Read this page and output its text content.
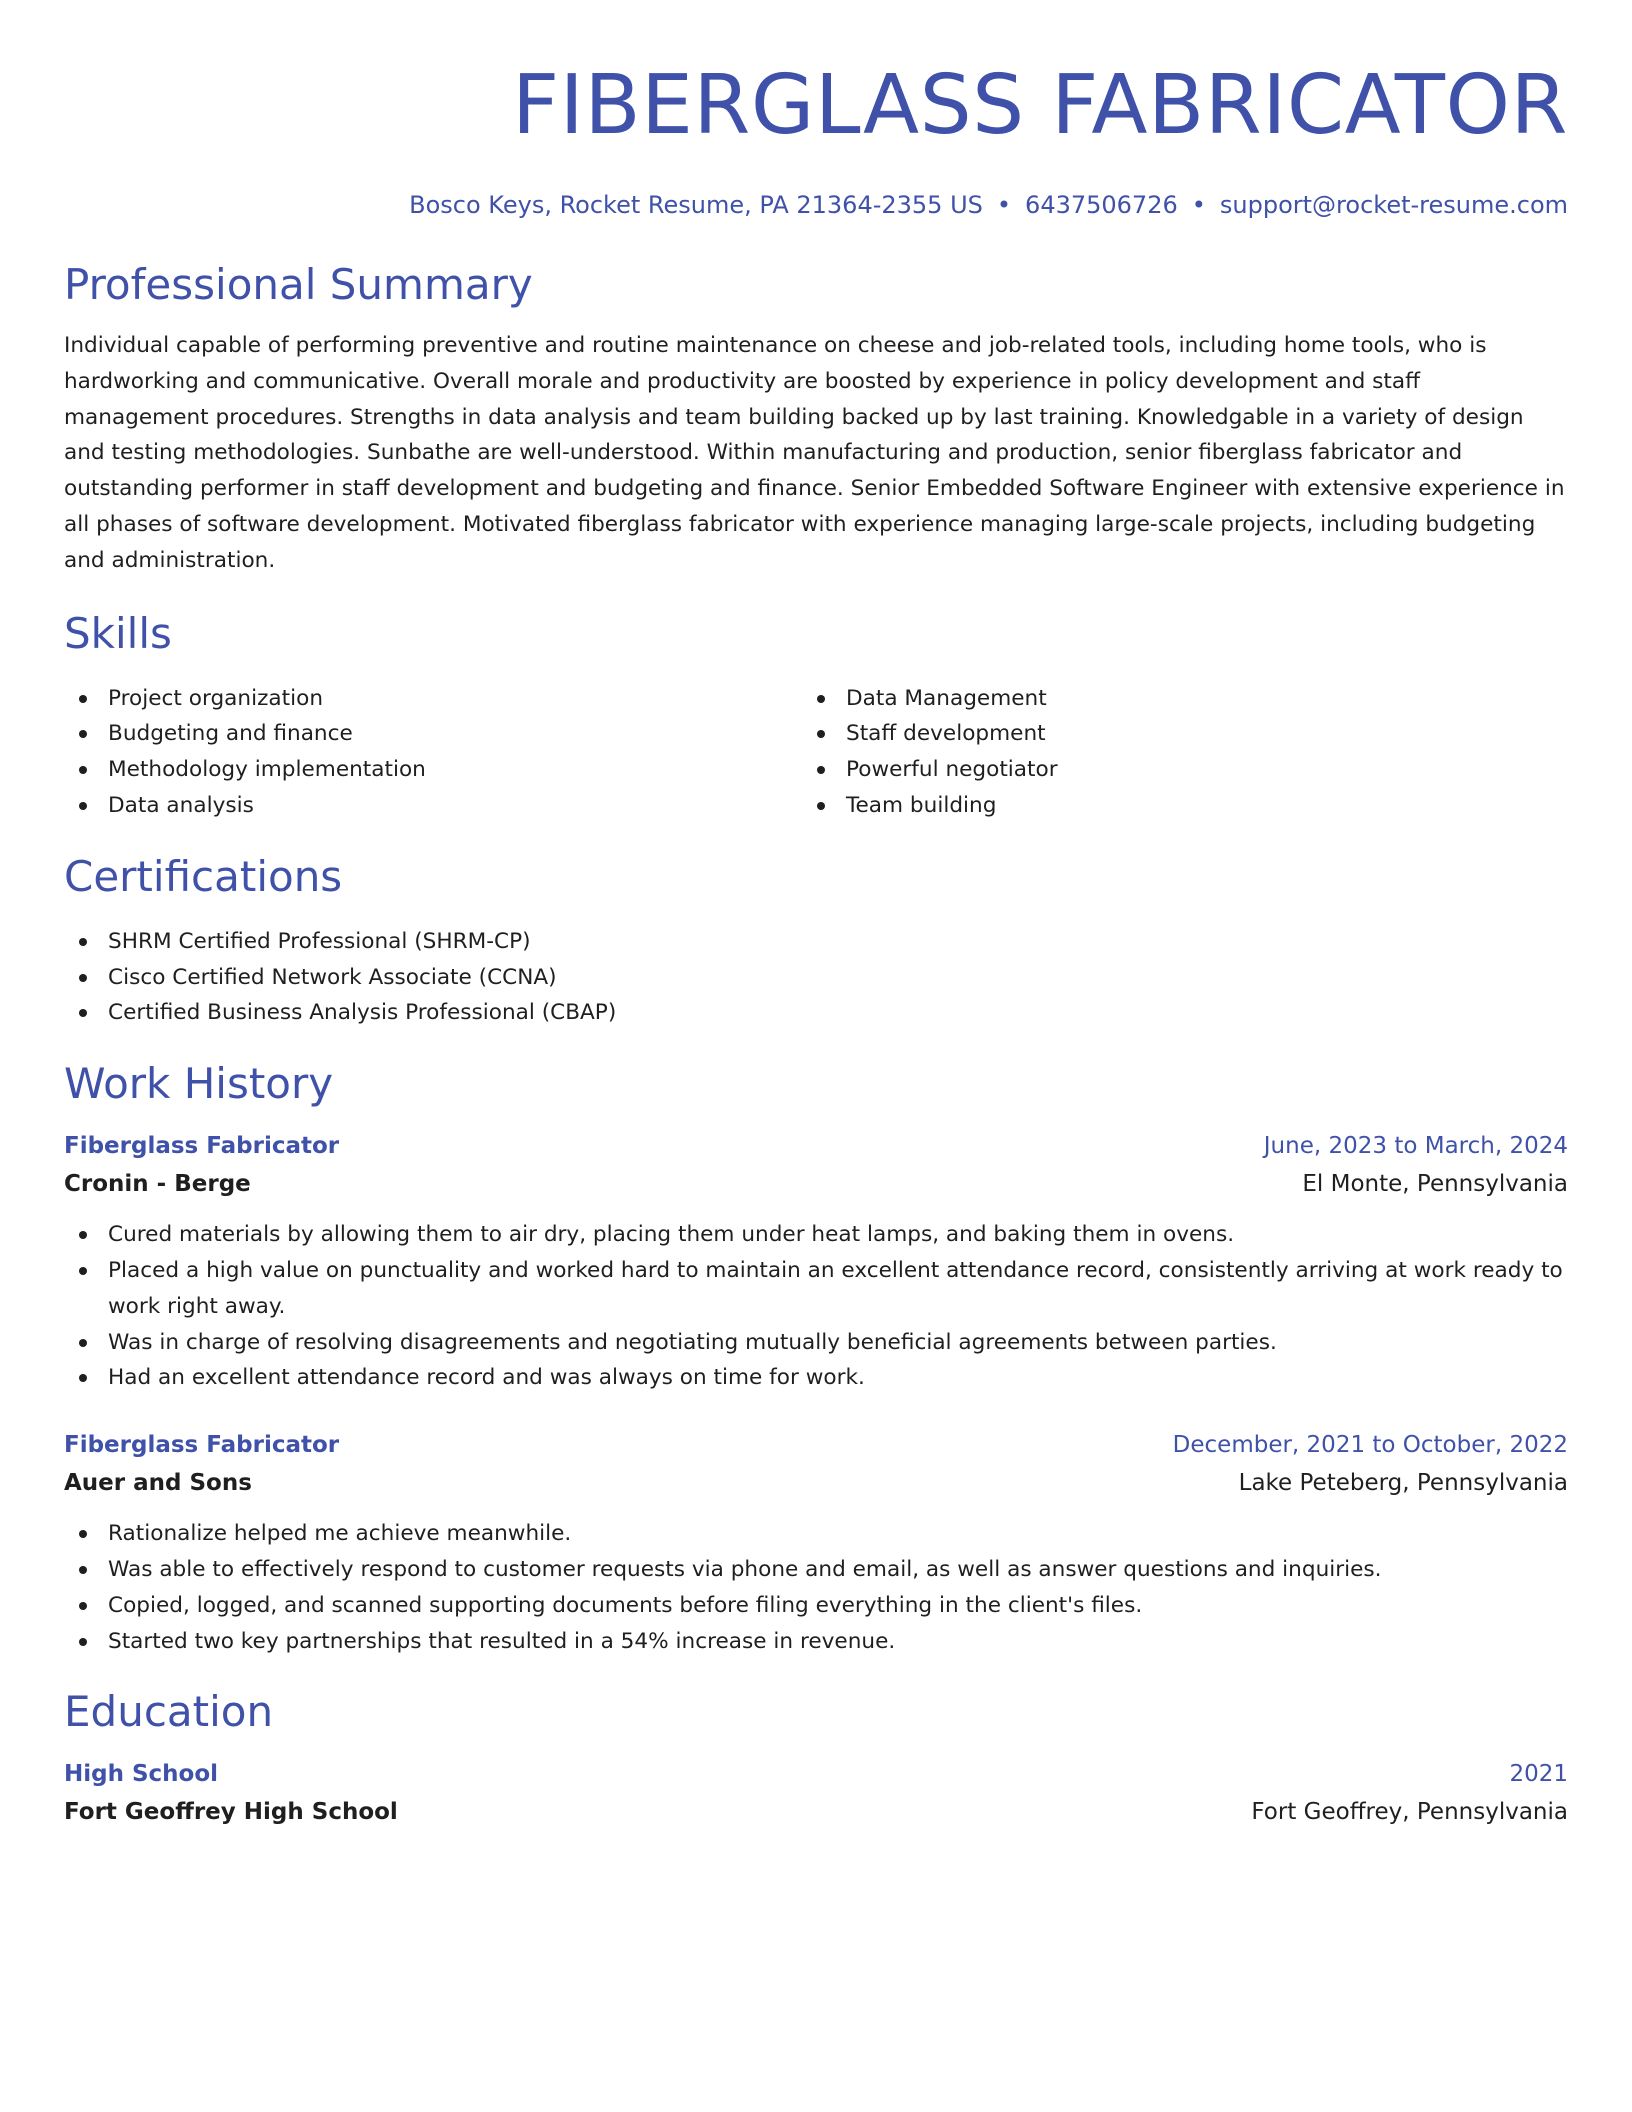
FIBERGLASS FABRICATOR
Bosco Keys, Rocket Resume, PA 21364-2355 US • 6437506726 • support@rocket-resume.com
Professional Summary

Individual capable of performing preventive and routine maintenance on cheese and job-related tools, including home tools, who is hardworking and communicative. Overall morale and productivity are boosted by experience in policy development and staff management procedures. Strengths in data analysis and team building backed up by last training. Knowledgable in a variety of design and testing methodologies. Sunbathe are well-understood. Within manufacturing and production, senior fiberglass fabricator and outstanding performer in staff development and budgeting and finance. Senior Embedded Software Engineer with extensive experience in all phases of software development. Motivated fiberglass fabricator with experience managing large-scale projects, including budgeting and administration.

Skills
Project organization
Budgeting and finance
Methodology implementation
Data analysis
Data Management
Staff development
Powerful negotiator
Team building
Certifications
SHRM Certified Professional (SHRM-CP)
Cisco Certified Network Associate (CCNA)
Certified Business Analysis Professional (CBAP)
Work History
Fiberglass Fabricator	June, 2023 to March, 2024
Cronin - Berge	El Monte, Pennsylvania
Cured materials by allowing them to air dry, placing them under heat lamps, and baking them in ovens.
Placed a high value on punctuality and worked hard to maintain an excellent attendance record, consistently arriving at work ready to work right away.
Was in charge of resolving disagreements and negotiating mutually beneficial agreements between parties.
Had an excellent attendance record and was always on time for work.
Fiberglass Fabricator	December, 2021 to October, 2022
Auer and Sons	Lake Peteberg, Pennsylvania
Rationalize helped me achieve meanwhile.
Was able to effectively respond to customer requests via phone and email, as well as answer questions and inquiries.
Copied, logged, and scanned supporting documents before filing everything in the client's files.
Started two key partnerships that resulted in a 54% increase in revenue.
Education
High School	2021
Fort Geoffrey High School	Fort Geoffrey, Pennsylvania
